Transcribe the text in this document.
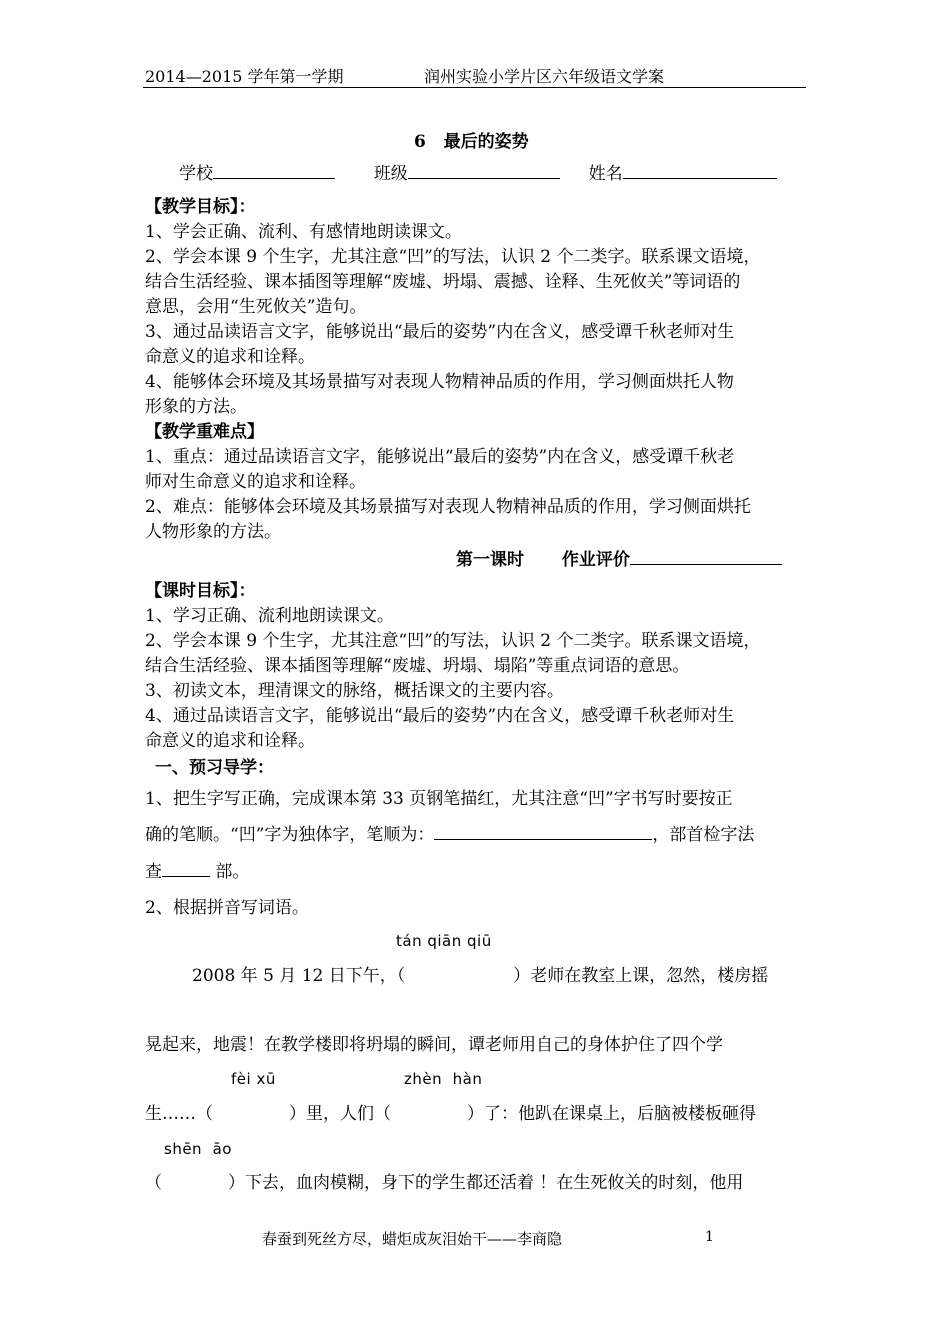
2014—2015 学年第一学期	润州实验小学片区六年级语文学案
6   最后的姿势
学校	班级	姓名
【教学目标】：
1、学会正确、流利、有感情地朗读课文。
2、学会本课 9 个生字，尤其注意“凹”的写法，认识 2 个二类字。联系课文语境，
结合生活经验、课本插图等理解“废墟、坍塌、震撼、诠释、生死攸关”等词语的
意思，会用“生死攸关”造句。
3、通过品读语言文字，能够说出“最后的姿势”内在含义，感受谭千秋老师对生
命意义的追求和诠释。
4、能够体会环境及其场景描写对表现人物精神品质的作用，学习侧面烘托人物
形象的方法。
【教学重难点】
1、重点：通过品读语言文字，能够说出“最后的姿势”内在含义，感受谭千秋老
师对生命意义的追求和诠释。
2、难点：能够体会环境及其场景描写对表现人物精神品质的作用，学习侧面烘托
人物形象的方法。
第一课时 作业评价
【课时目标】：
1、学习正确、流利地朗读课文。
2、学会本课 9 个生字，尤其注意“凹”的写法，认识 2 个二类字。联系课文语境，
结合生活经验、课本插图等理解“废墟、坍塌、塌陷”等重点词语的意思。
3、初读文本，理清课文的脉络，概括课文的主要内容。
4、通过品读语言文字，能够说出“最后的姿势”内在含义，感受谭千秋老师对生
命意义的追求和诠释。
一、预习导学：
1、把生字写正确，完成课本第 33 页钢笔描红，尤其注意“凹”字书写时要按正
确的笔顺。“凹”字为独体字，笔顺为：	，部首检字法
查	部。
2、根据拼音写词语。
tán qiān qiū
2008 年 5 月 12 日下午，（	）老师在教室上课，忽然，楼房摇
晃起来，地震！在教学楼即将坍塌的瞬间，谭老师用自己的身体护住了四个学
fèi xū	zhèn  hàn
生……（	）里，人们（	）了：他趴在课桌上，后脑被楼板砸得
shēn  āo
（	）下去，血肉模糊，身下的学生都还活着 ！在生死攸关的时刻，他用
春蚕到死丝方尽，蜡炬成灰泪始干——李商隐	1
